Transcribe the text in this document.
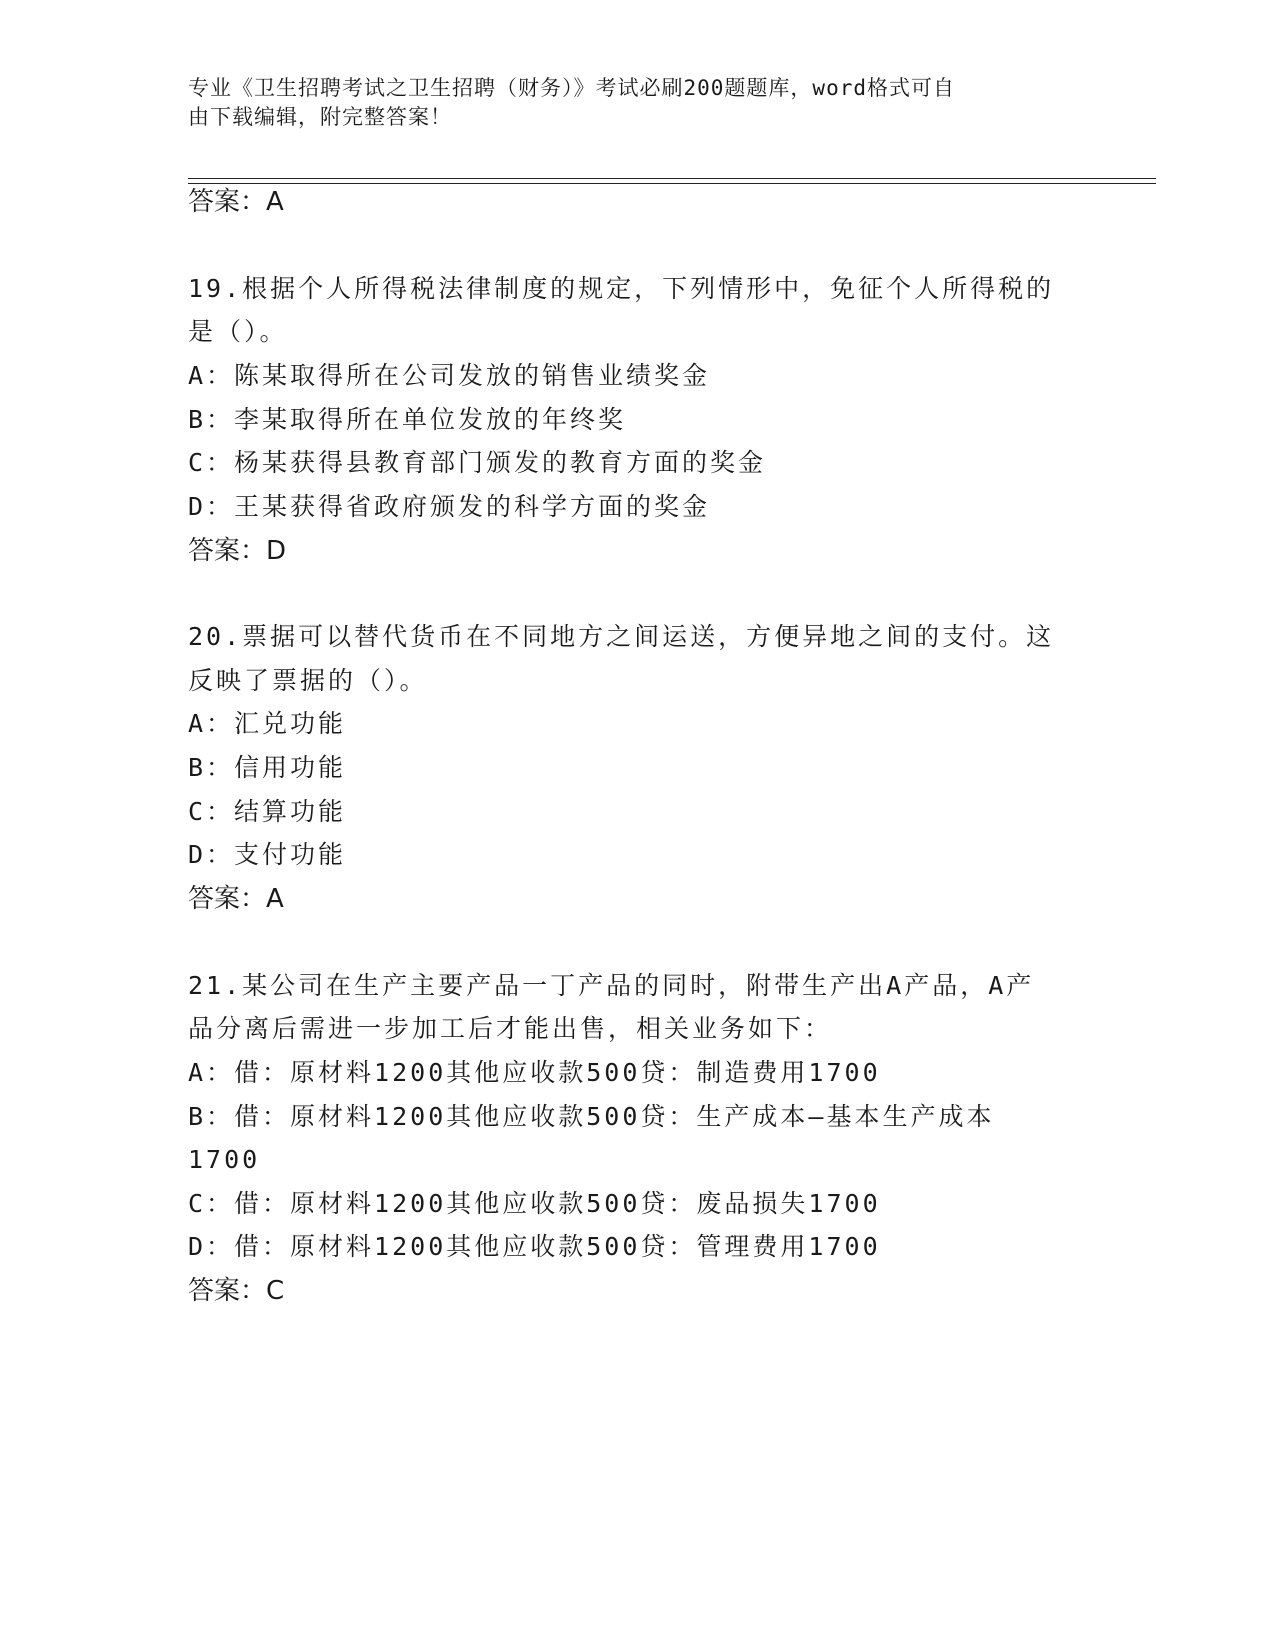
专业《卫生招聘考试之卫生招聘（财务）》考试必刷200题题库，word格式可自
由下载编辑，附完整答案！
答案：A
19.根据个人所得税法律制度的规定，下列情形中，免征个人所得税的
是（）。
A：陈某取得所在公司发放的销售业绩奖金
B：李某取得所在单位发放的年终奖
C：杨某获得县教育部门颁发的教育方面的奖金
D：王某获得省政府颁发的科学方面的奖金
答案：D
20.票据可以替代货币在不同地方之间运送，方便异地之间的支付。这
反映了票据的（）。
A：汇兑功能
B：信用功能
C：结算功能
D：支付功能
答案：A
21.某公司在生产主要产品一丁产品的同时，附带生产出A产品，A产
品分离后需进一步加工后才能出售，相关业务如下：
A：借：原材料1200其他应收款500贷：制造费用1700
B：借：原材料1200其他应收款500贷：生产成本—基本生产成本
1700
C：借：原材料1200其他应收款500贷：废品损失1700
D：借：原材料1200其他应收款500贷：管理费用1700
答案：C
